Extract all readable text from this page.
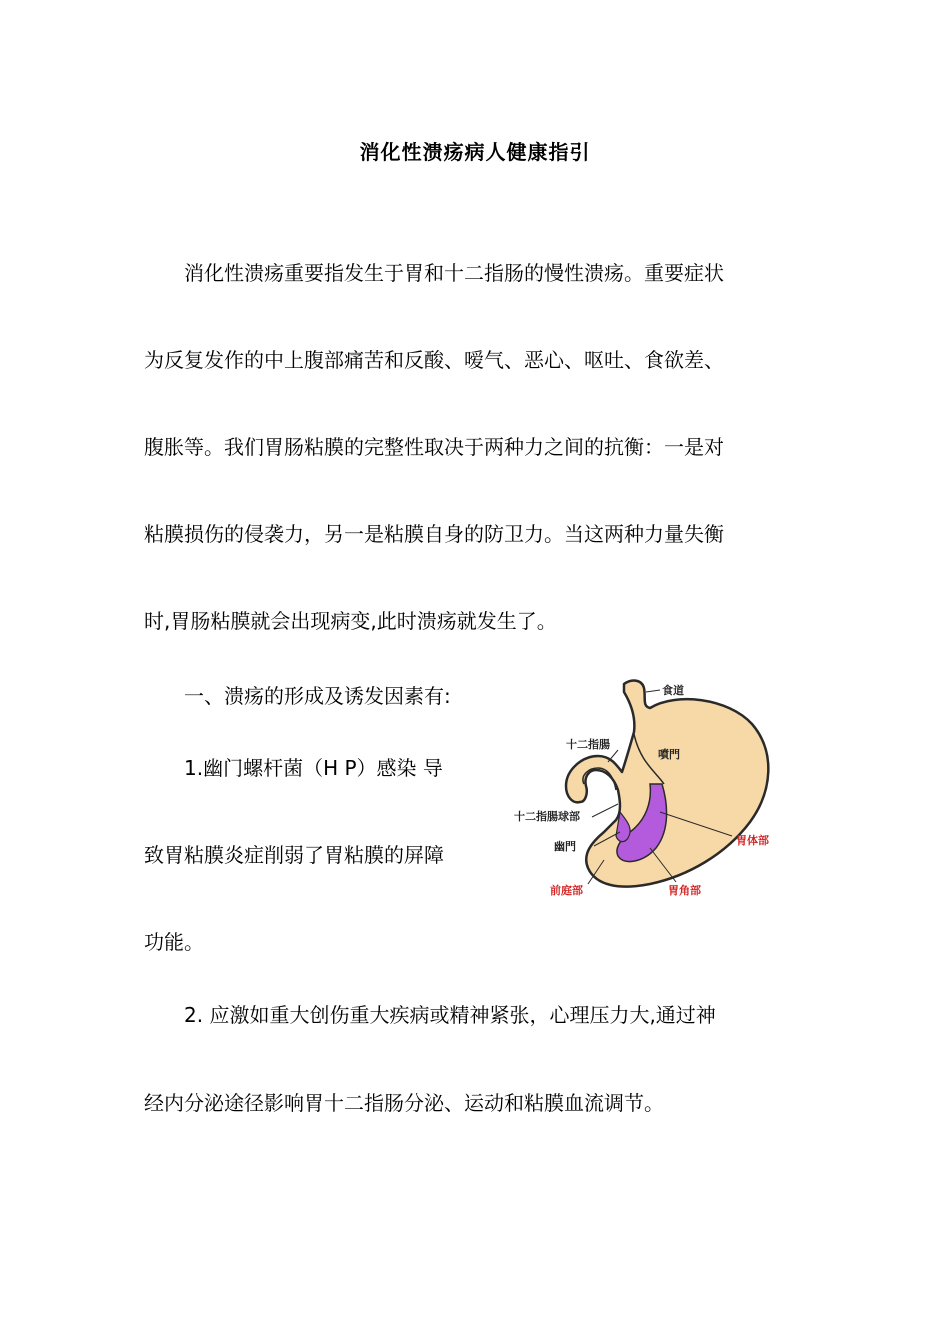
消化性溃疡病人健康指引
消化性溃疡重要指发生于胃和十二指肠的慢性溃疡。重要症状
为反复发作的中上腹部痛苦和反酸、嗳气、恶心、呕吐、食欲差、
腹胀等。我们胃肠粘膜的完整性取决于两种力之间的抗衡：一是对
粘膜损伤的侵袭力，另一是粘膜自身的防卫力。当这两种力量失衡
时,胃肠粘膜就会出现病变,此时溃疡就发生了。
一、溃疡的形成及诱发因素有:
1.幽门螺杆菌（H P）感染 导
致胃粘膜炎症削弱了胃粘膜的屏障
功能。
2. 应激如重大创伤重大疾病或精神紧张，心理压力大,通过神
经内分泌途径影响胃十二指肠分泌、运动和粘膜血流调节。
食道
十二指腸
噴門
十二指腸球部
幽門	胃体部
前庭部	胃角部
